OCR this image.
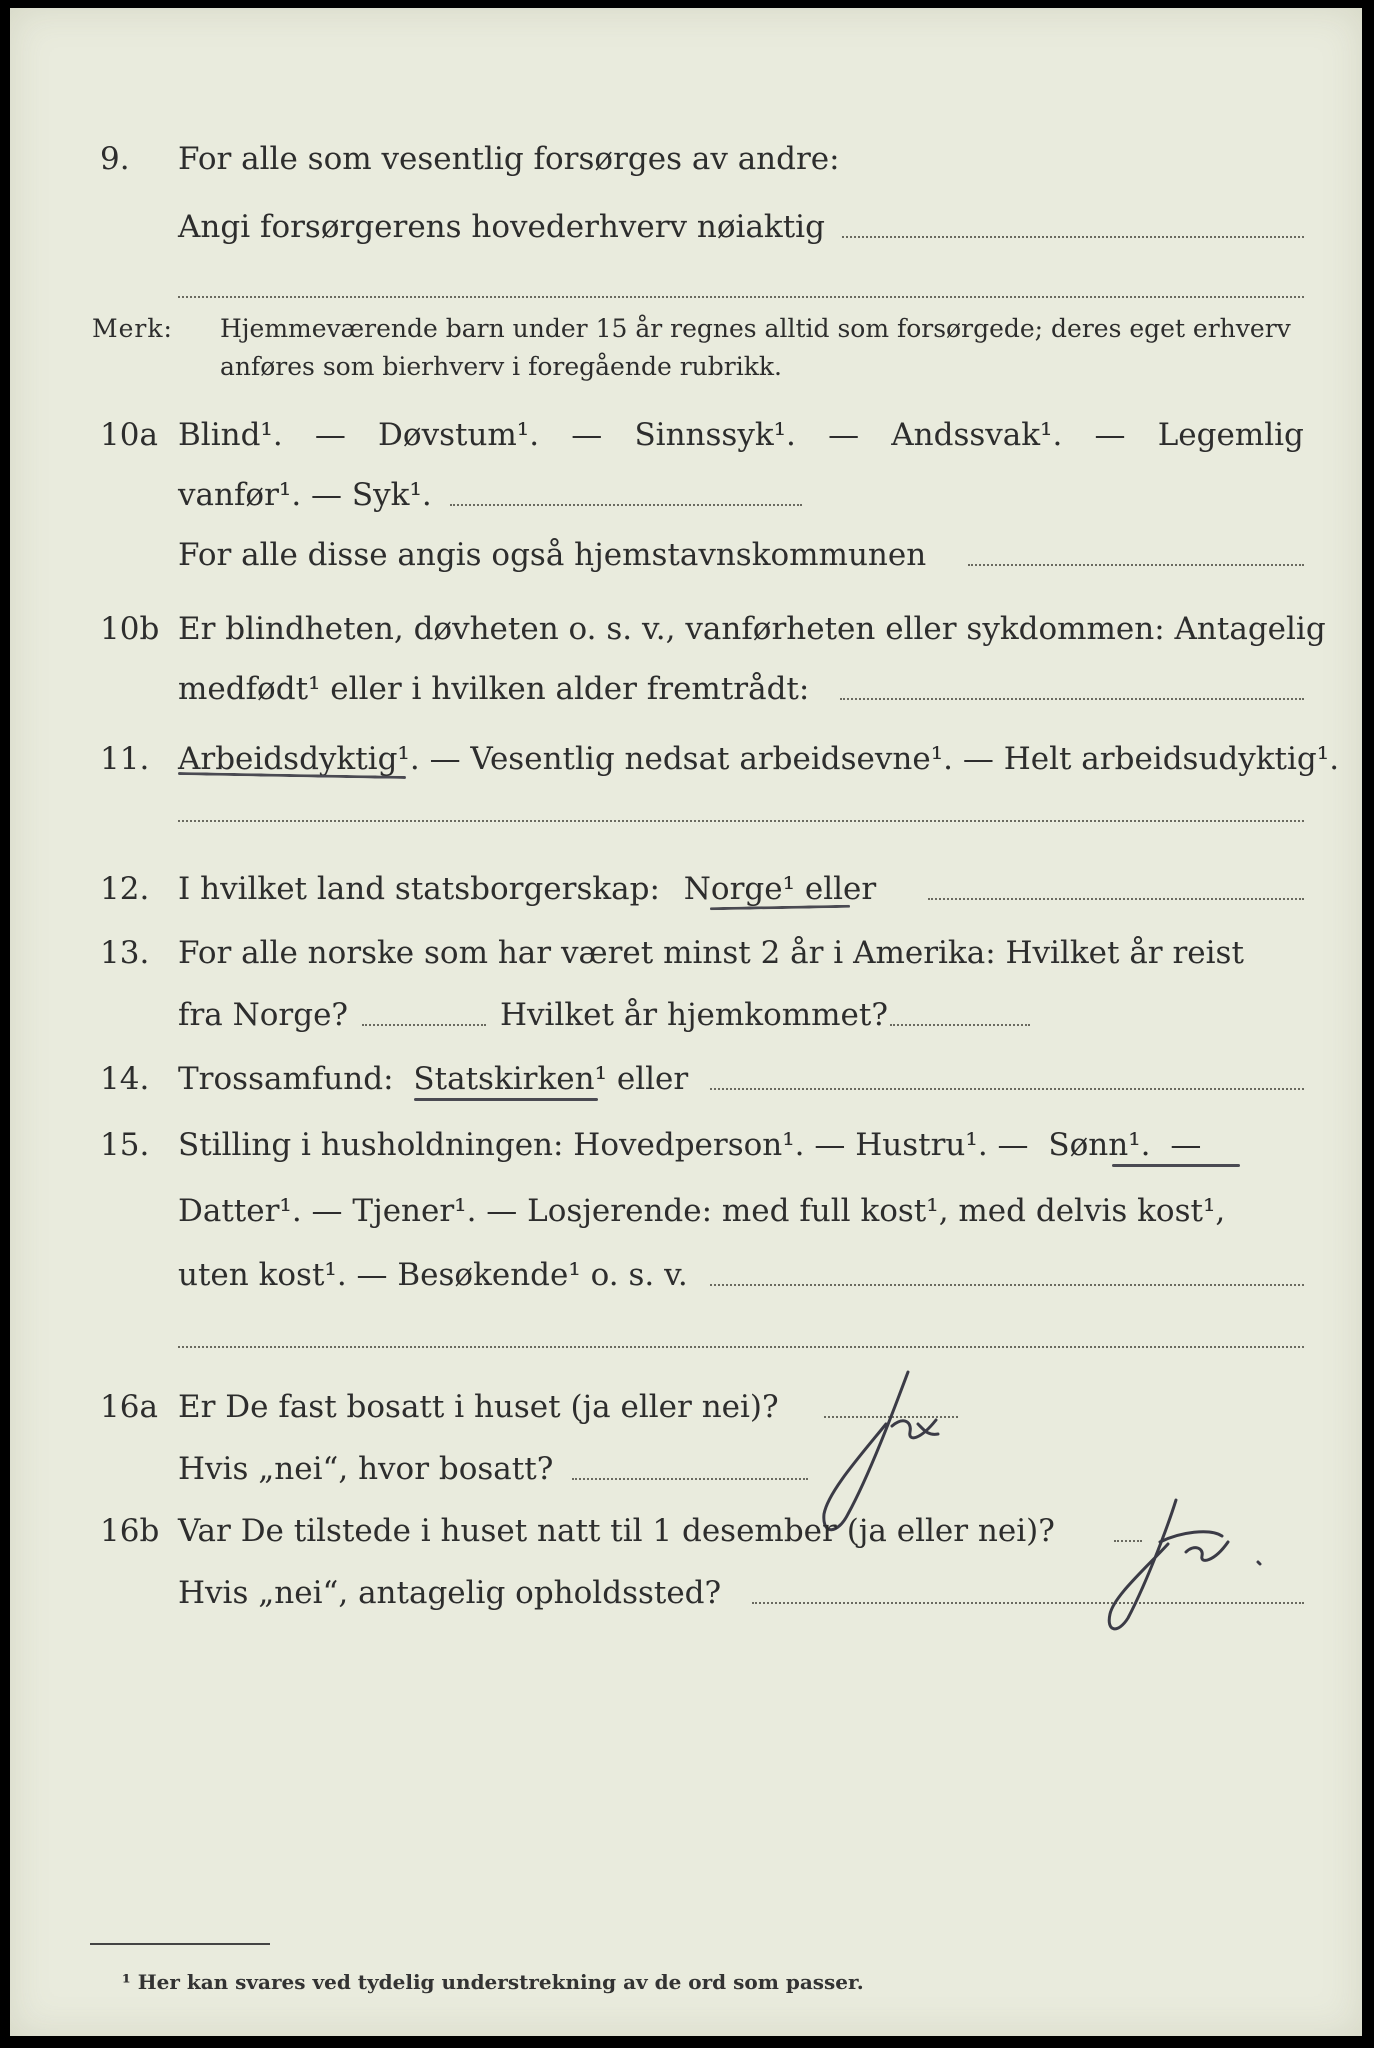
9. For alle som vesentlig forsørges av andre:
Angi forsørgerens hovederhverv nøiaktig
Merk: Hjemmeværende barn under 15 år regnes alltid som forsørgede; deres eget erhverv
anføres som bierhverv i foregående rubrikk.
10a Blind¹. — Døvstum¹. — Sinnssyk¹. — Andssvak¹. — Legemlig
vanfør¹. — Syk¹.
For alle disse angis også hjemstavnskommunen
10b Er blindheten, døvheten o. s. v., vanførheten eller sykdommen: Antagelig
medfødt¹ eller i hvilken alder fremtrådt:
11. Arbeidsdyktig¹. — Vesentlig nedsat arbeidsevne¹. — Helt arbeidsudyktig¹.
12. I hvilket land statsborgerskap: Norge¹ eller
13. For alle norske som har været minst 2 år i Amerika: Hvilket år reist
fra Norge?	Hvilket år hjemkommet?
14. Trossamfund: Statskirken¹ eller
15. Stilling i husholdningen: Hovedperson¹. — Hustru¹. — Sønn¹. —
Datter¹. — Tjener¹. — Losjerende: med full kost¹, med delvis kost¹,
uten kost¹. — Besøkende¹ o. s. v.
16a Er De fast bosatt i huset (ja eller nei)?
Hvis „nei“, hvor bosatt?
16b Var De tilstede i huset natt til 1 desember (ja eller nei)?
Hvis „nei“, antagelig opholdssted?
¹ Her kan svares ved tydelig understrekning av de ord som passer.
